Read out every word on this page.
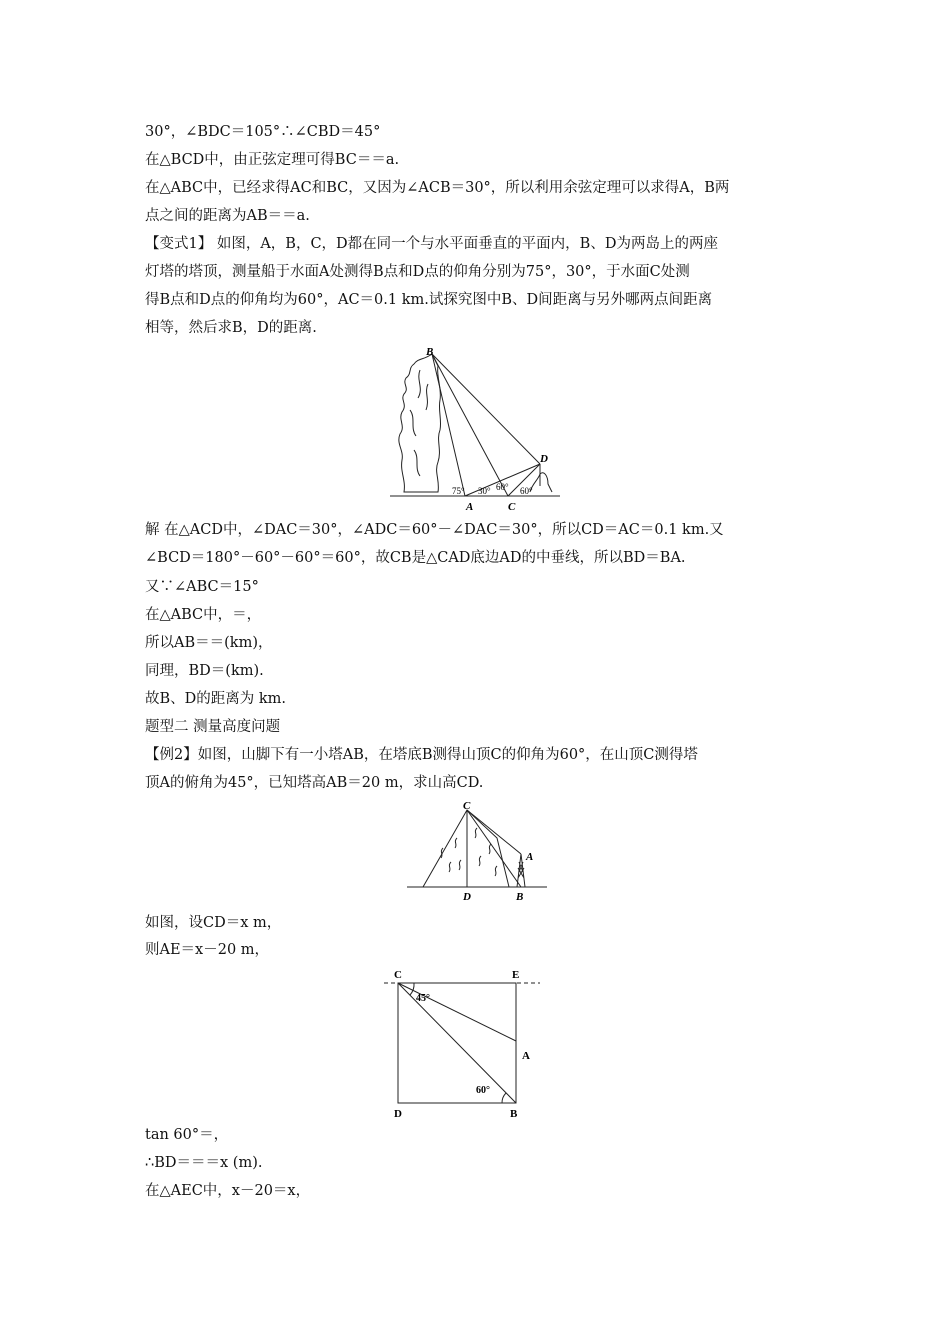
30°，∠BDC＝105°∴∠CBD＝45°
在△BCD中，由正弦定理可得BC＝＝a.
在△ABC中，已经求得AC和BC，又因为∠ACB＝30°，所以利用余弦定理可以求得A，B两
点之间的距离为AB＝＝a.
【变式1】 如图，A，B，C，D都在同一个与水平面垂直的平面内，B、D为两岛上的两座
灯塔的塔顶，测量船于水面A处测得B点和D点的仰角分别为75°，30°，于水面C处测
得B点和D点的仰角均为60°，AC＝0.1 km.试探究图中B、D间距离与另外哪两点间距离
相等，然后求B，D的距离.
解 在△ACD中，∠DAC＝30°，∠ADC＝60°－∠DAC＝30°，所以CD＝AC＝0.1 km.又
∠BCD＝180°－60°－60°＝60°，故CB是△CAD底边AD的中垂线，所以BD＝BA.
又∵∠ABC＝15°
在△ABC中，＝，
所以AB＝＝(km)，
同理，BD＝(km).
故B、D的距离为 km.
题型二 测量高度问题
【例2】如图，山脚下有一小塔AB，在塔底B测得山顶C的仰角为60°，在山顶C测得塔
顶A的俯角为45°，已知塔高AB＝20 m，求山高CD.
如图，设CD＝x m，
则AE＝x－20 m，
tan 60°＝，
∴BD＝＝＝x (m).
在△AEC中，x－20＝x，
B
D
A	C
75° 30° 60° 60°
C
A
D	B
C	E
45°
A
60°
D	B
